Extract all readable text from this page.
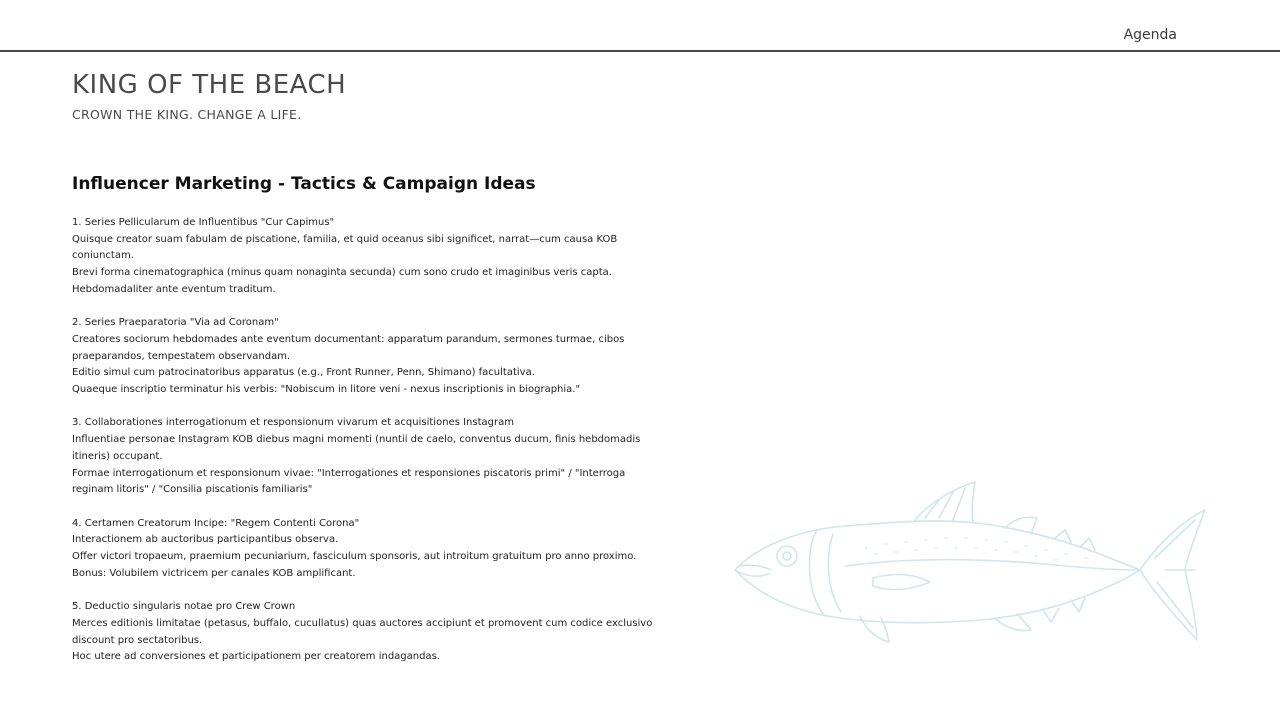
Agenda
KING OF THE BEACH

CROWN THE KING. CHANGE A LIFE.

Influencer Marketing - Tactics & Campaign Ideas

1. Series Pellicularum de Influentibus "Cur Capimus"

Quisque creator suam fabulam de piscatione, familia, et quid oceanus sibi significet, narrat—cum causa KOB coniunctam.

Brevi forma cinematographica (minus quam nonaginta secunda) cum sono crudo et imaginibus veris capta.

Hebdomadaliter ante eventum traditum.

2. Series Praeparatoria "Via ad Coronam"

Creatores sociorum hebdomades ante eventum documentant: apparatum parandum, sermones turmae, cibos praeparandos, tempestatem observandam.

Editio simul cum patrocinatoribus apparatus (e.g., Front Runner, Penn, Shimano) facultativa.

Quaeque inscriptio terminatur his verbis: "Nobiscum in litore veni - nexus inscriptionis in biographia."

3. Collaborationes interrogationum et responsionum vivarum et acquisitiones Instagram

Influentiae personae Instagram KOB diebus magni momenti (nuntii de caelo, conventus ducum, finis hebdomadis itineris) occupant.

Formae interrogationum et responsionum vivae: "Interrogationes et responsiones piscatoris primi" / "Interroga reginam litoris" / "Consilia piscationis familiaris"

4. Certamen Creatorum Incipe: "Regem Contenti Corona"

Interactionem ab auctoribus participantibus observa.

Offer victori tropaeum, praemium pecuniarium, fasciculum sponsoris, aut introitum gratuitum pro anno proximo.

Bonus: Volubilem victricem per canales KOB amplificant.

5. Deductio singularis notae pro Crew Crown

Merces editionis limitatae (petasus, buffalo, cucullatus) quas auctores accipiunt et promovent cum codice exclusivo discount pro sectatoribus.

Hoc utere ad conversiones et participationem per creatorem indagandas.
